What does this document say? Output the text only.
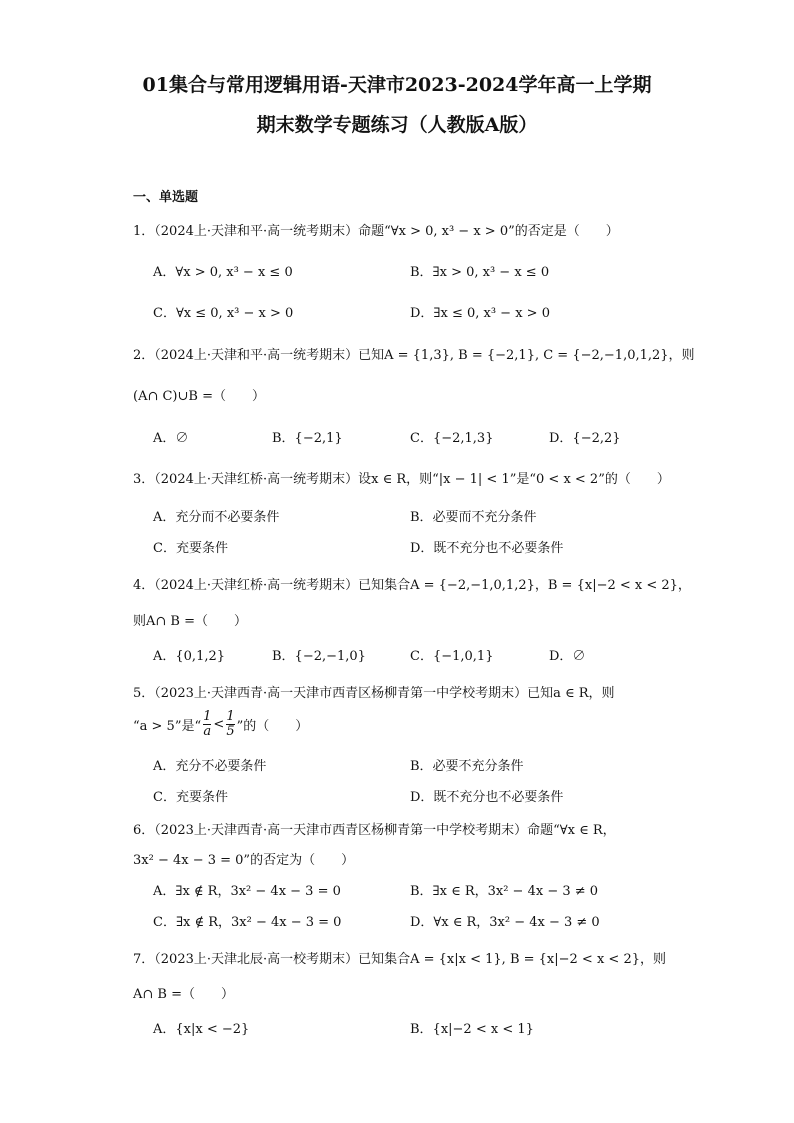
01集合与常用逻辑用语-天津市2023-2024学年高一上学期
期末数学专题练习（人教版A版）
一、单选题
1．（2024上·天津和平·高一统考期末）命题“∀x > 0, x³ − x > 0”的否定是（　　）
A．∀x > 0, x³ − x ≤ 0	B．∃x > 0, x³ − x ≤ 0
C．∀x ≤ 0, x³ − x > 0	D．∃x ≤ 0, x³ − x > 0
2．（2024上·天津和平·高一统考期末）已知A = {1,3}, B = {−2,1}, C = {−2,−1,0,1,2}，则
(A∩ C)∪B =（　　）
A．∅	B．{−2,1}	C．{−2,1,3}	D．{−2,2}
3．（2024上·天津红桥·高一统考期末）设x ∈ R，则“|x − 1| < 1”是“0 < x < 2”的（　　）
A．充分而不必要条件	B．必要而不充分条件
C．充要条件	D．既不充分也不必要条件
4．（2024上·天津红桥·高一统考期末）已知集合A = {−2,−1,0,1,2}，B = {x|−2 < x < 2}，
则A∩ B =（　　）
A．{0,1,2}	B．{−2,−1,0}	C．{−1,0,1}	D．∅
5．（2023上·天津西青·高一天津市西青区杨柳青第一中学校考期末）已知a ∈ R，则
“a > 5”是“ $\frac{1}{a} < \frac{1}{5}$ ”的（　　）
A．充分不必要条件	B．必要不充分条件
C．充要条件	D．既不充分也不必要条件
6．（2023上·天津西青·高一天津市西青区杨柳青第一中学校考期末）命题“∀x ∈ R，
3x² − 4x − 3 = 0”的否定为（　　）
A．∃x ∉ R，3x² − 4x − 3 = 0	B．∃x ∈ R，3x² − 4x − 3 ≠ 0
C．∃x ∉ R，3x² − 4x − 3 = 0	D．∀x ∈ R，3x² − 4x − 3 ≠ 0
7．（2023上·天津北辰·高一校考期末）已知集合A = {x|x < 1}, B = {x|−2 < x < 2}，则
A∩ B =（　　）
A．{x|x < −2}	B．{x|−2 < x < 1}
